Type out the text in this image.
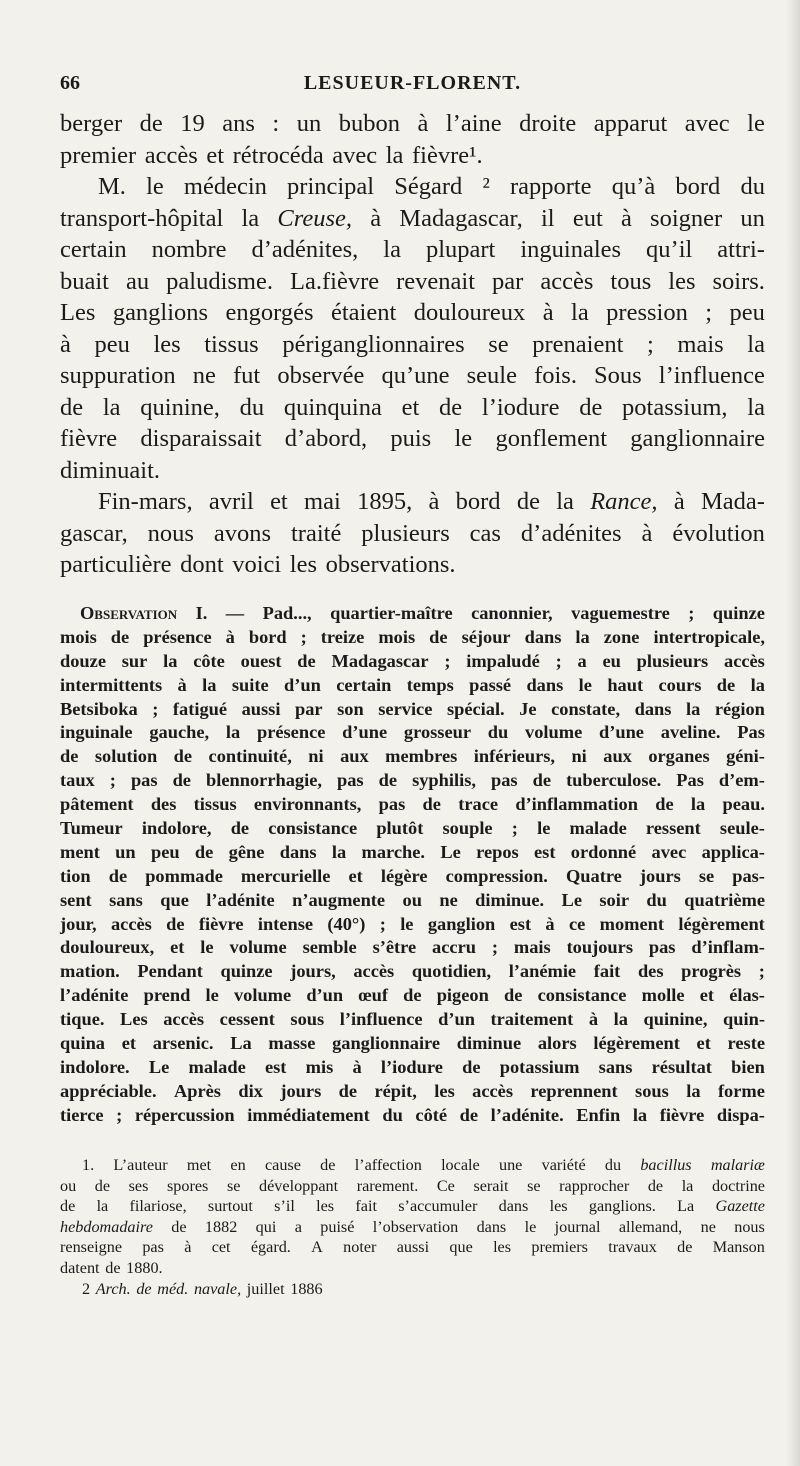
66	LESUEUR-FLORENT.
berger de 19 ans : un bubon à l’aine droite apparut avec le
premier accès et rétrocéda avec la fièvre¹.
M. le médecin principal Ségard ² rapporte qu’à bord du
transport-hôpital la Creuse, à Madagascar, il eut à soigner un
certain nombre d’adénites, la plupart inguinales qu’il attri-
buait au paludisme. La.fièvre revenait par accès tous les soirs.
Les ganglions engorgés étaient douloureux à la pression ; peu
à peu les tissus périganglionnaires se prenaient ; mais la
suppuration ne fut observée qu’une seule fois. Sous l’influence
de la quinine, du quinquina et de l’iodure de potassium, la
fièvre disparaissait d’abord, puis le gonflement ganglionnaire
diminuait.
Fin-mars, avril et mai 1895, à bord de la Rance, à Mada-
gascar, nous avons traité plusieurs cas d’adénites à évolution
particulière dont voici les observations.
Observation I. — Pad..., quartier-maître canonnier, vaguemestre ; quinze
mois de présence à bord ; treize mois de séjour dans la zone intertropicale,
douze sur la côte ouest de Madagascar ; impaludé ; a eu plusieurs accès
intermittents à la suite d’un certain temps passé dans le haut cours de la
Betsiboka ; fatigué aussi par son service spécial. Je constate, dans la région
inguinale gauche, la présence d’une grosseur du volume d’une aveline. Pas
de solution de continuité, ni aux membres inférieurs, ni aux organes géni-
taux ; pas de blennorrhagie, pas de syphilis, pas de tuberculose. Pas d’em-
pâtement des tissus environnants, pas de trace d’inflammation de la peau.
Tumeur indolore, de consistance plutôt souple ; le malade ressent seule-
ment un peu de gêne dans la marche. Le repos est ordonné avec applica-
tion de pommade mercurielle et légère compression. Quatre jours se pas-
sent sans que l’adénite n’augmente ou ne diminue. Le soir du quatrième
jour, accès de fièvre intense (40°) ; le ganglion est à ce moment légèrement
douloureux, et le volume semble s’être accru ; mais toujours pas d’inflam-
mation. Pendant quinze jours, accès quotidien, l’anémie fait des progrès ;
l’adénite prend le volume d’un œuf de pigeon de consistance molle et élas-
tique. Les accès cessent sous l’influence d’un traitement à la quinine, quin-
quina et arsenic. La masse ganglionnaire diminue alors légèrement et reste
indolore. Le malade est mis à l’iodure de potassium sans résultat bien
appréciable. Après dix jours de répit, les accès reprennent sous la forme
tierce ; répercussion immédiatement du côté de l’adénite. Enfin la fièvre dispa-
1. L’auteur met en cause de l’affection locale une variété du bacillus malariæ
ou de ses spores se développant rarement. Ce serait se rapprocher de la doctrine
de la filariose, surtout s’il les fait s’accumuler dans les ganglions. La Gazette
hebdomadaire de 1882 qui a puisé l’observation dans le journal allemand, ne nous
renseigne pas à cet égard. A noter aussi que les premiers travaux de Manson
datent de 1880.
2 Arch. de méd. navale, juillet 1886
